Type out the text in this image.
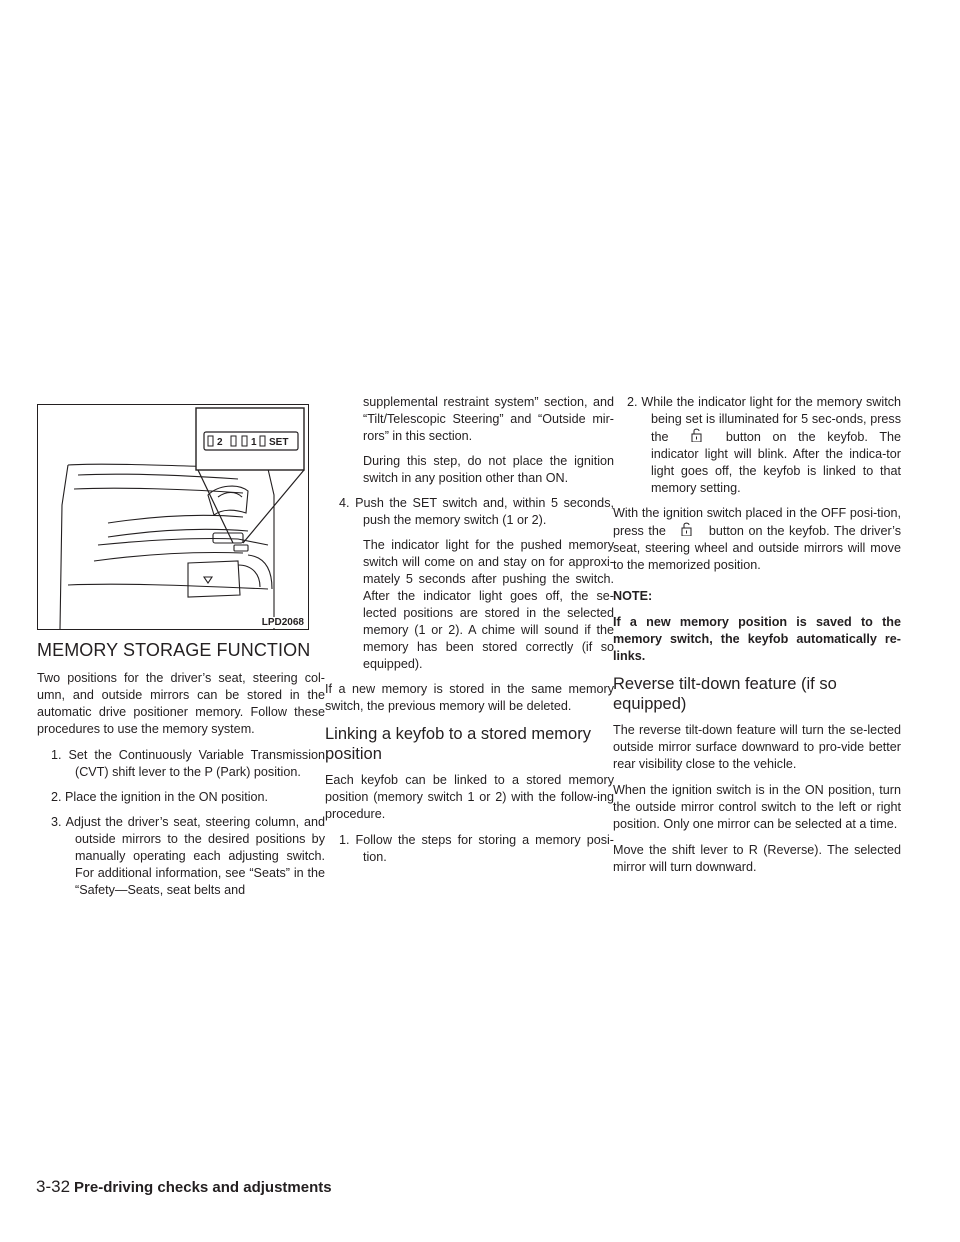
2	1 SET
LPD2068
MEMORY STORAGE FUNCTION

Two positions for the driver’s seat, steering col-umn, and outside mirrors can be stored in the automatic drive positioner memory. Follow these procedures to use the memory system.

1. Set the Continuously Variable Transmission (CVT) shift lever to the P (Park) position.

2. Place the ignition in the ON position.

3. Adjust the driver’s seat, steering column, and outside mirrors to the desired positions by manually operating each adjusting switch. For additional information, see “Seats” in the “Safety—Seats, seat belts and

supplemental restraint system” section, and “Tilt/Telescopic Steering” and “Outside mir-rors” in this section.

During this step, do not place the ignition switch in any position other than ON.

4. Push the SET switch and, within 5 seconds, push the memory switch (1 or 2).

The indicator light for the pushed memory switch will come on and stay on for approxi-mately 5 seconds after pushing the switch. After the indicator light goes off, the se-lected positions are stored in the selected memory (1 or 2). A chime will sound if the memory has been stored correctly (if so equipped).

If a new memory is stored in the same memory switch, the previous memory will be deleted.

Linking a keyfob to a stored memory position

Each keyfob can be linked to a stored memory position (memory switch 1 or 2) with the follow-ing procedure.

1. Follow the steps for storing a memory posi-tion.

2. While the indicator light for the memory switch being set is illuminated for 5 sec-onds, press the	button on the keyfob. The indicator light will blink. After the indica-tor light goes off, the keyfob is linked to that memory setting.

With the ignition switch placed in the OFF posi-tion, press the	button on the keyfob. The driver’s seat, steering wheel and outside mirrors will move to the memorized position.

NOTE:

If a new memory position is saved to the memory switch, the keyfob automatically re-links.

Reverse tilt-down feature (if so equipped)

The reverse tilt-down feature will turn the se-lected outside mirror surface downward to pro-vide better rear visibility close to the vehicle.

When the ignition switch is in the ON position, turn the outside mirror control switch to the left or right position. Only one mirror can be selected at a time.

Move the shift lever to R (Reverse). The selected mirror will turn downward.

3-32 Pre-driving checks and adjustments
